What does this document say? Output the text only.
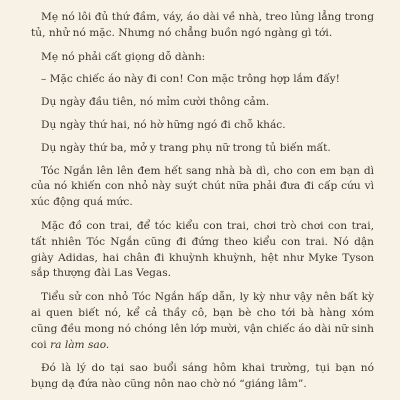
Mẹ nó lôi đủ thứ đầm, váy, áo dài về nhà, treo lủng lẳng trong tủ, nhử nó mặc. Nhưng nó chẳng buồn ngó ngàng gì tới.

Mẹ nó phải cất giọng dỗ dành:

– Mặc chiếc áo này đi con! Con mặc trông hợp lắm đấy!

Dụ ngày đầu tiên, nó mỉm cười thông cảm.

Dụ ngày thứ hai, nó hờ hững ngó đi chỗ khác.

Dụ ngày thứ ba, mở y trang phụ nữ trong tủ biến mất.

Tóc Ngắn lên lên đem hết sang nhà bà dì, cho con em bạn dì của nó khiến con nhỏ này suýt chút nữa phải đưa đi cấp cứu vì xúc động quá mức.

Mặc đồ con trai, để tóc kiểu con trai, chơi trò chơi con trai, tất nhiên Tóc Ngắn cũng đi đứng theo kiểu con trai. Nó dận giày Adidas, hai chân đi khuỳnh khuỳnh, hệt như Myke Tyson sắp thượng đài Las Vegas.

Tiểu sử con nhỏ Tóc Ngắn hấp dẫn, ly kỳ như vậy nên bất kỳ ai quen biết nó, kể cả thầy cô, bạn bè cho tới bà hàng xóm cũng đều mong nó chóng lên lớp mười, vận chiếc áo dài nữ sinh coi ra làm sao.

Đó là lý do tại sao buổi sáng hôm khai trường, tụi bạn nó bụng dạ đứa nào cũng nôn nao chờ nó “giáng lâm”.
